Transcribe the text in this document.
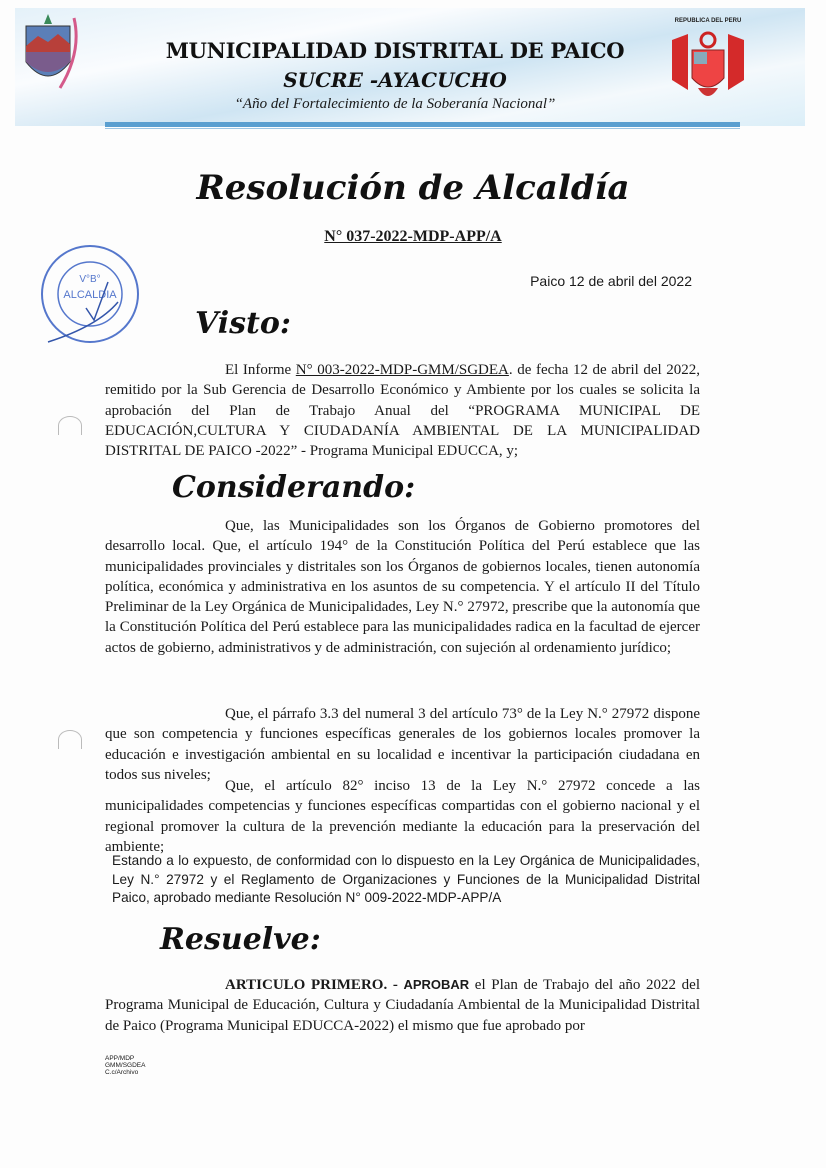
MUNICIPALIDAD DISTRITAL DE PAICO
SUCRE -AYACUCHO
“Año del Fortalecimiento de la Soberanía Nacional”
REPUBLICA DEL PERU
Resolución de Alcaldía
N° 037-2022-MDP-APP/A
V°B°
ALCALDIA
Paico 12 de abril del 2022
Visto:
El Informe N° 003-2022-MDP-GMM/SGDEA. de fecha 12 de abril del 2022, remitido por la Sub Gerencia de Desarrollo Económico y Ambiente por los cuales se solicita la aprobación del Plan de Trabajo Anual del “PROGRAMA MUNICIPAL DE EDUCACIÓN,CULTURA Y CIUDADANÍA AMBIENTAL DE LA MUNICIPALIDAD DISTRITAL DE PAICO -2022” - Programa Municipal EDUCCA, y;
Considerando:
Que, las Municipalidades son los Órganos de Gobierno promotores del desarrollo local. Que, el artículo 194° de la Constitución Política del Perú establece que las municipalidades provinciales y distritales son los Órganos de gobiernos locales, tienen autonomía política, económica y administrativa en los asuntos de su competencia. Y el artículo II del Título Preliminar de la Ley Orgánica de Municipalidades, Ley N.° 27972, prescribe que la autonomía que la Constitución Política del Perú establece para las municipalidades radica en la facultad de ejercer actos de gobierno, administrativos y de administración, con sujeción al ordenamiento jurídico;
Que, el párrafo 3.3 del numeral 3 del artículo 73° de la Ley N.° 27972 dispone que son competencia y funciones específicas generales de los gobiernos locales promover la educación e investigación ambiental en su localidad e incentivar la participación ciudadana en todos sus niveles;
Que, el artículo 82° inciso 13 de la Ley N.° 27972 concede a las municipalidades competencias y funciones específicas compartidas con el gobierno nacional y el regional promover la cultura de la prevención mediante la educación para la preservación del ambiente;
Estando a lo expuesto, de conformidad con lo dispuesto en la Ley Orgánica de Municipalidades, Ley N.° 27972 y el Reglamento de Organizaciones y Funciones de la Municipalidad Distrital Paico, aprobado mediante Resolución N° 009-2022-MDP-APP/A
Resuelve:
ARTICULO PRIMERO. - APROBAR el Plan de Trabajo del año 2022 del Programa Municipal de Educación, Cultura y Ciudadanía Ambiental de la Municipalidad Distrital de Paico (Programa Municipal EDUCCA-2022) el mismo que fue aprobado por
APP/MDP
GMM/SGDEA
C.c/Archivo
